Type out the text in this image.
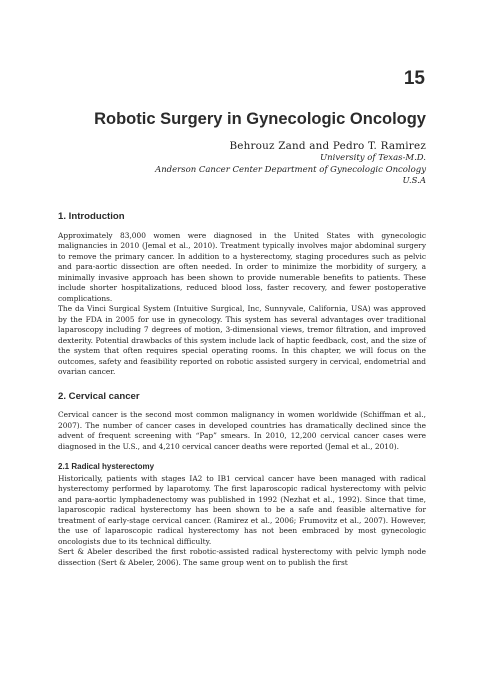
15
Robotic Surgery in Gynecologic Oncology
Behrouz Zand and Pedro T. Ramirez
University of Texas-M.D.
Anderson Cancer Center Department of Gynecologic Oncology
U.S.A
1. Introduction

Approximately 83,000 women were diagnosed in the United States with gynecologic malignancies in 2010 (Jemal et al., 2010). Treatment typically involves major abdominal surgery to remove the primary cancer. In addition to a hysterectomy, staging procedures such as pelvic and para-aortic dissection are often needed. In order to minimize the morbidity of surgery, a minimally invasive approach has been shown to provide numerable benefits to patients. These include shorter hospitalizations, reduced blood loss, faster recovery, and fewer postoperative complications.

The da Vinci Surgical System (Intuitive Surgical, Inc, Sunnyvale, California, USA) was approved by the FDA in 2005 for use in gynecology. This system has several advantages over traditional laparoscopy including 7 degrees of motion, 3-dimensional views, tremor filtration, and improved dexterity. Potential drawbacks of this system include lack of haptic feedback, cost, and the size of the system that often requires special operating rooms. In this chapter, we will focus on the outcomes, safety and feasibility reported on robotic assisted surgery in cervical, endometrial and ovarian cancer.

2. Cervical cancer

Cervical cancer is the second most common malignancy in women worldwide (Schiffman et al., 2007). The number of cancer cases in developed countries has dramatically declined since the advent of frequent screening with “Pap” smears. In 2010, 12,200 cervical cancer cases were diagnosed in the U.S., and 4,210 cervical cancer deaths were reported (Jemal et al., 2010).

2.1 Radical hysterectomy

Historically, patients with stages IA2 to IB1 cervical cancer have been managed with radical hysterectomy performed by laparotomy. The first laparoscopic radical hysterectomy with pelvic and para-aortic lymphadenectomy was published in 1992 (Nezhat et al., 1992). Since that time, laparoscopic radical hysterectomy has been shown to be a safe and feasible alternative for treatment of early-stage cervical cancer. (Ramirez et al., 2006; Frumovitz et al., 2007). However, the use of laparoscopic radical hysterectomy has not been embraced by most gynecologic oncologists due to its technical difficulty.

Sert & Abeler described the first robotic-assisted radical hysterectomy with pelvic lymph node dissection (Sert & Abeler, 2006). The same group went on to publish the first
